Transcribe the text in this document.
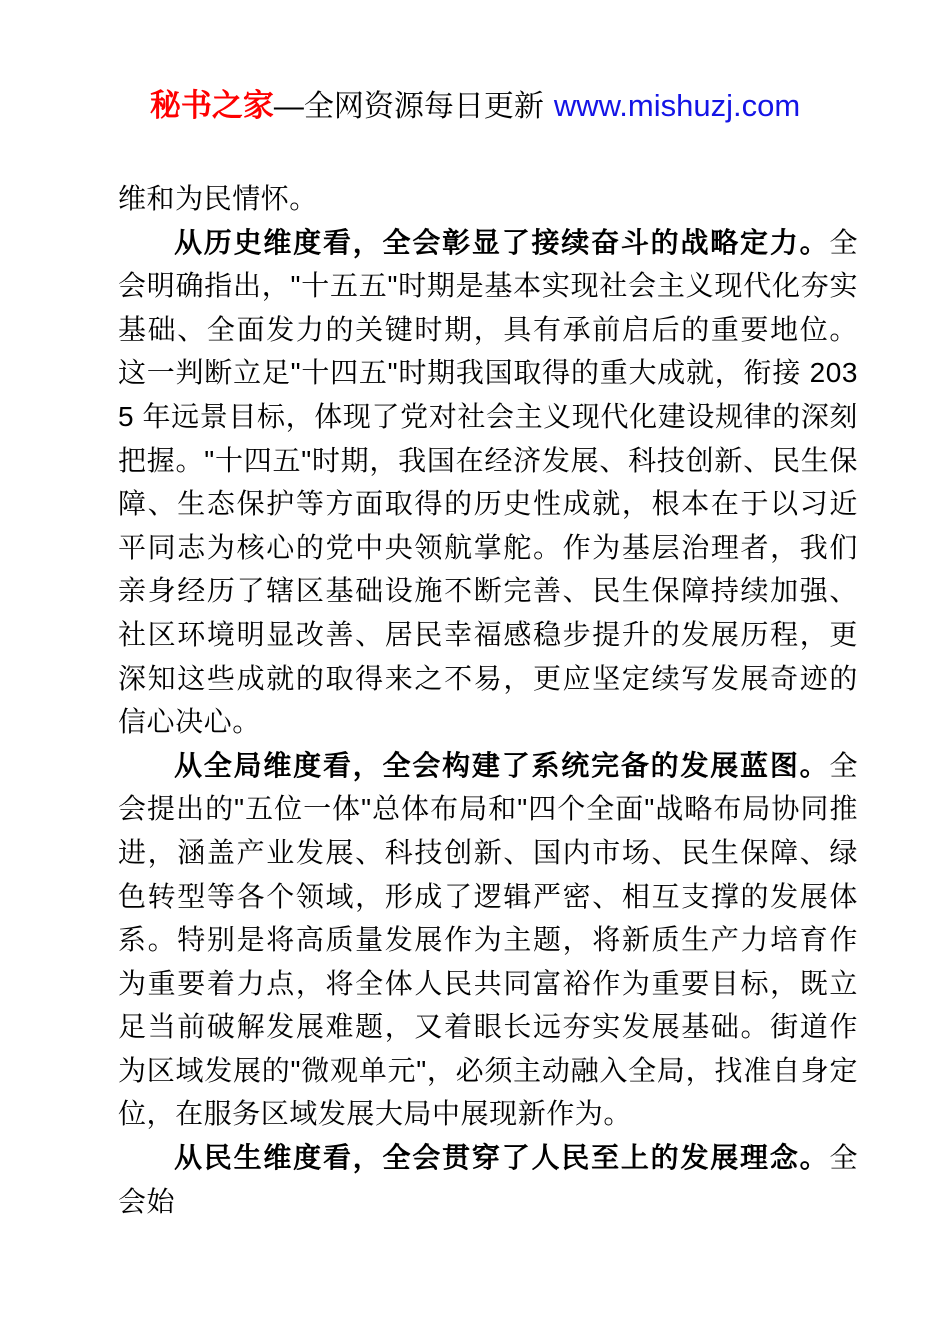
秘书之家—全网资源每日更新 www.mishuzj.com

维和为民情怀。

从历史维度看，全会彰显了接续奋斗的战略定力。全会明确指出，"十五五"时期是基本实现社会主义现代化夯实基础、全面发力的关键时期，具有承前启后的重要地位。这一判断立足"十四五"时期我国取得的重大成就，衔接 2035 年远景目标，体现了党对社会主义现代化建设规律的深刻把握。"十四五"时期，我国在经济发展、科技创新、民生保障、生态保护等方面取得的历史性成就，根本在于以习近平同志为核心的党中央领航掌舵。作为基层治理者，我们亲身经历了辖区基础设施不断完善、民生保障持续加强、社区环境明显改善、居民幸福感稳步提升的发展历程，更深知这些成就的取得来之不易，更应坚定续写发展奇迹的信心决心。

从全局维度看，全会构建了系统完备的发展蓝图。全会提出的"五位一体"总体布局和"四个全面"战略布局协同推进，涵盖产业发展、科技创新、国内市场、民生保障、绿色转型等各个领域，形成了逻辑严密、相互支撑的发展体系。特别是将高质量发展作为主题，将新质生产力培育作为重要着力点，将全体人民共同富裕作为重要目标，既立足当前破解发展难题，又着眼长远夯实发展基础。街道作为区域发展的"微观单元"，必须主动融入全局，找准自身定位，在服务区域发展大局中展现新作为。

从民生维度看，全会贯穿了人民至上的发展理念。全会始
